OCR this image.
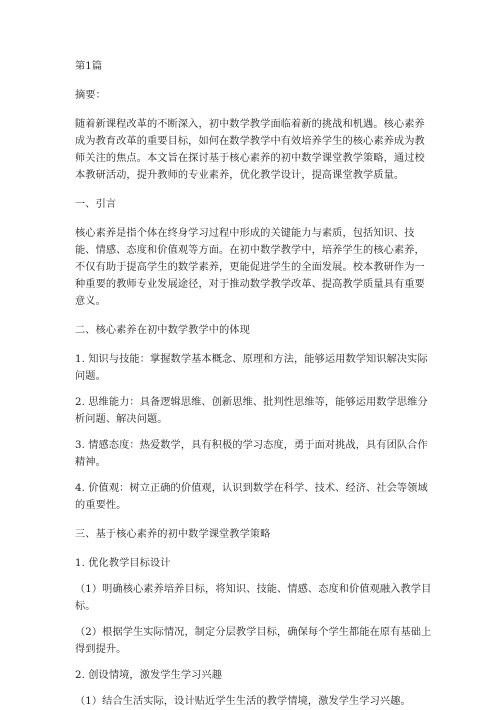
第1篇

摘要：

随着新课程改革的不断深入，初中数学教学面临着新的挑战和机遇。核心素养成为教育改革的重要目标，如何在数学教学中有效培养学生的核心素养成为教师关注的焦点。本文旨在探讨基于核心素养的初中数学课堂教学策略，通过校本教研活动，提升教师的专业素养，优化教学设计，提高课堂教学质量。

一、引言

核心素养是指个体在终身学习过程中形成的关键能力与素质，包括知识、技能、情感、态度和价值观等方面。在初中数学教学中，培养学生的核心素养，不仅有助于提高学生的数学素养，更能促进学生的全面发展。校本教研作为一种重要的教师专业发展途径，对于推动数学教学改革、提高教学质量具有重要意义。

二、核心素养在初中数学教学中的体现

1. 知识与技能：掌握数学基本概念、原理和方法，能够运用数学知识解决实际问题。

2. 思维能力：具备逻辑思维、创新思维、批判性思维等，能够运用数学思维分析问题、解决问题。

3. 情感态度：热爱数学，具有积极的学习态度，勇于面对挑战，具有团队合作精神。

4. 价值观：树立正确的价值观，认识到数学在科学、技术、经济、社会等领域的重要性。

三、基于核心素养的初中数学课堂教学策略

1. 优化教学目标设计

（1）明确核心素养培养目标，将知识、技能、情感、态度和价值观融入教学目标。

（2）根据学生实际情况，制定分层教学目标，确保每个学生都能在原有基础上得到提升。

2. 创设情境，激发学生学习兴趣

（1）结合生活实际，设计贴近学生生活的教学情境，激发学生学习兴趣。
